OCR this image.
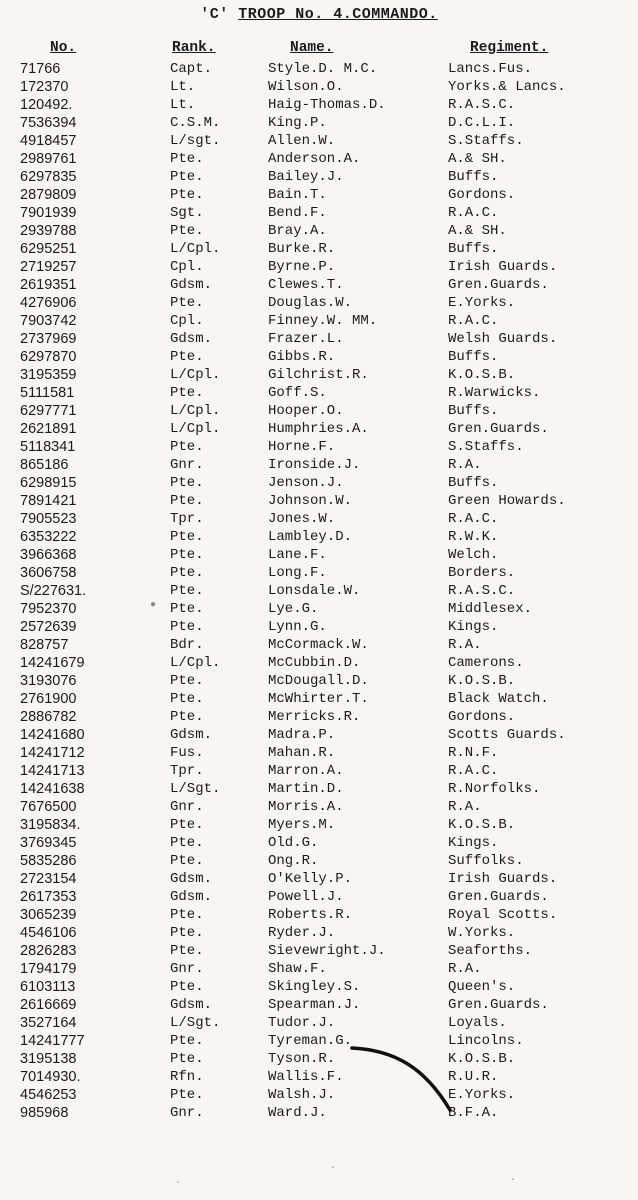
'C' TROOP No. 4.COMMANDO.
No.	Rank.	Name.	Regiment.
71766	Capt.	Style.D. M.C.	Lancs.Fus.
172370	Lt.	Wilson.O.	Yorks.& Lancs.
120492.	Lt.	Haig-Thomas.D.	R.A.S.C.
7536394	C.S.M.	King.P.	D.C.L.I.
4918457	L/sgt.	Allen.W.	S.Staffs.
2989761	Pte.	Anderson.A.	A.& SH.
6297835	Pte.	Bailey.J.	Buffs.
2879809	Pte.	Bain.T.	Gordons.
7901939	Sgt.	Bend.F.	R.A.C.
2939788	Pte.	Bray.A.	A.& SH.
6295251	L/Cpl.	Burke.R.	Buffs.
2719257	Cpl.	Byrne.P.	Irish Guards.
2619351	Gdsm.	Clewes.T.	Gren.Guards.
4276906	Pte.	Douglas.W.	E.Yorks.
7903742	Cpl.	Finney.W. MM.	R.A.C.
2737969	Gdsm.	Frazer.L.	Welsh Guards.
6297870	Pte.	Gibbs.R.	Buffs.
3195359	L/Cpl.	Gilchrist.R.	K.O.S.B.
5111581	Pte.	Goff.S.	R.Warwicks.
6297771	L/Cpl.	Hooper.O.	Buffs.
2621891	L/Cpl.	Humphries.A.	Gren.Guards.
5118341	Pte.	Horne.F.	S.Staffs.
865186	Gnr.	Ironside.J.	R.A.
6298915	Pte.	Jenson.J.	Buffs.
7891421	Pte.	Johnson.W.	Green Howards.
7905523	Tpr.	Jones.W.	R.A.C.
6353222	Pte.	Lambley.D.	R.W.K.
3966368	Pte.	Lane.F.	Welch.
3606758	Pte.	Long.F.	Borders.
S/227631.	Pte.	Lonsdale.W.	R.A.S.C.
7952370	Pte.	Lye.G.	Middlesex.
2572639	Pte.	Lynn.G.	Kings.
828757	Bdr.	McCormack.W.	R.A.
14241679	L/Cpl.	McCubbin.D.	Camerons.
3193076	Pte.	McDougall.D.	K.O.S.B.
2761900	Pte.	McWhirter.T.	Black Watch.
2886782	Pte.	Merricks.R.	Gordons.
14241680	Gdsm.	Madra.P.	Scotts Guards.
14241712	Fus.	Mahan.R.	R.N.F.
14241713	Tpr.	Marron.A.	R.A.C.
14241638	L/Sgt.	Martin.D.	R.Norfolks.
7676500	Gnr.	Morris.A.	R.A.
3195834.	Pte.	Myers.M.	K.O.S.B.
3769345	Pte.	Old.G.	Kings.
5835286	Pte.	Ong.R.	Suffolks.
2723154	Gdsm.	O'Kelly.P.	Irish Guards.
2617353	Gdsm.	Powell.J.	Gren.Guards.
3065239	Pte.	Roberts.R.	Royal Scotts.
4546106	Pte.	Ryder.J.	W.Yorks.
2826283	Pte.	Sievewright.J.	Seaforths.
1794179	Gnr.	Shaw.F.	R.A.
6103113	Pte.	Skingley.S.	Queen's.
2616669	Gdsm.	Spearman.J.	Gren.Guards.
3527164	L/Sgt.	Tudor.J.	Loyals.
14241777	Pte.	Tyreman.G.	Lincolns.
3195138	Pte.	Tyson.R.	K.O.S.B.
7014930.	Rfn.	Wallis.F.	R.U.R.
4546253	Pte.	Walsh.J.	E.Yorks.
985968	Gnr.	Ward.J.	B.F.A.
●
·
·	·
